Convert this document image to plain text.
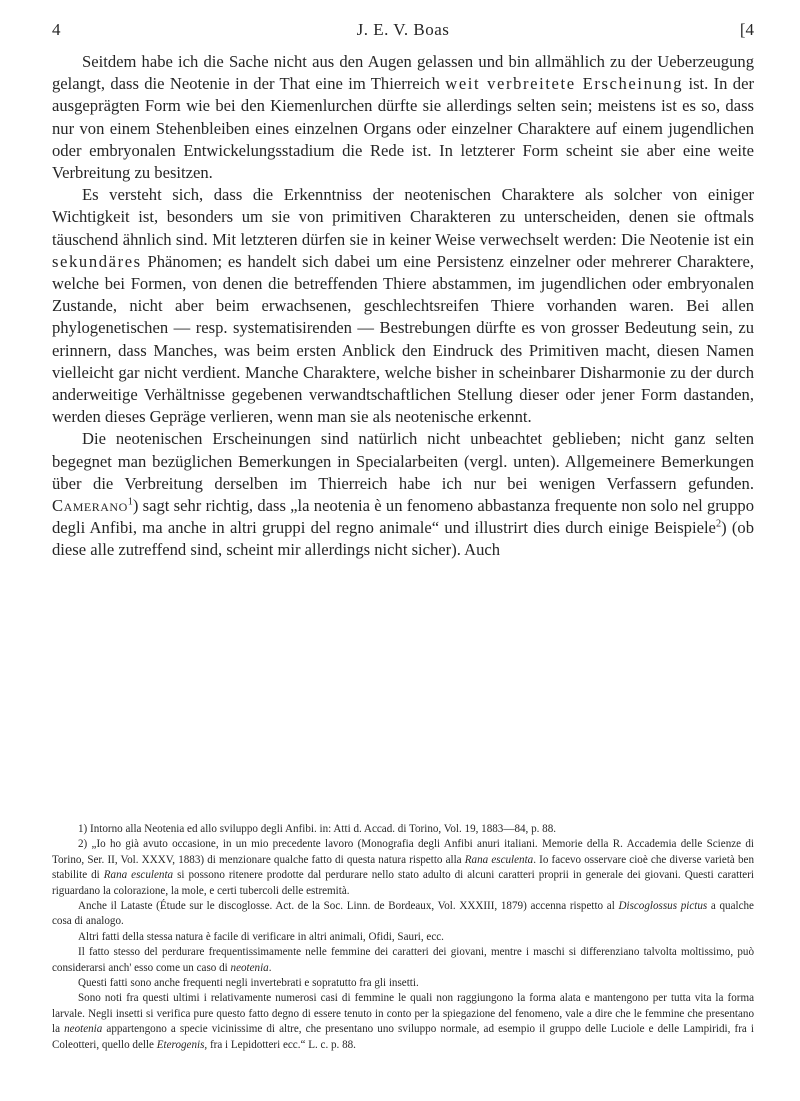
4	J. E. V. Boas	[4

Seitdem habe ich die Sache nicht aus den Augen gelassen und bin allmählich zu der Ueberzeugung gelangt, dass die Neotenie in der That eine im Thierreich weit verbreitete Erscheinung ist. In der ausgeprägten Form wie bei den Kiemenlurchen dürfte sie allerdings selten sein; meistens ist es so, dass nur von einem Stehenbleiben eines einzelnen Organs oder einzelner Charaktere auf einem jugendlichen oder embryonalen Entwickelungsstadium die Rede ist. In letzterer Form scheint sie aber eine weite Verbreitung zu besitzen.

Es versteht sich, dass die Erkenntniss der neotenischen Charaktere als solcher von einiger Wichtigkeit ist, besonders um sie von primitiven Charakteren zu unterscheiden, denen sie oftmals täuschend ähnlich sind. Mit letzteren dürfen sie in keiner Weise verwechselt werden: Die Neotenie ist ein sekundäres Phänomen; es handelt sich dabei um eine Persistenz einzelner oder mehrerer Charaktere, welche bei Formen, von denen die betreffenden Thiere abstammen, im jugendlichen oder embryonalen Zustande, nicht aber beim erwachsenen, geschlechtsreifen Thiere vorhanden waren. Bei allen phylogenetischen — resp. systematisirenden — Bestrebungen dürfte es von grosser Bedeutung sein, zu erinnern, dass Manches, was beim ersten Anblick den Eindruck des Primitiven macht, diesen Namen vielleicht gar nicht verdient. Manche Charaktere, welche bisher in scheinbarer Disharmonie zu der durch anderweitige Verhältnisse gegebenen verwandtschaftlichen Stellung dieser oder jener Form dastanden, werden dieses Gepräge verlieren, wenn man sie als neotenische erkennt.

Die neotenischen Erscheinungen sind natürlich nicht unbeachtet geblieben; nicht ganz selten begegnet man bezüglichen Bemerkungen in Specialarbeiten (vergl. unten). Allgemeinere Bemerkungen über die Verbreitung derselben im Thierreich habe ich nur bei wenigen Verfassern gefunden. Camerano$^1$) sagt sehr richtig, dass „la neotenia è un fenomeno abbastanza frequente non solo nel gruppo degli Anfibi, ma anche in altri gruppi del regno animale“ und illustrirt dies durch einige Beispiele$^2$) (ob diese alle zutreffend sind, scheint mir allerdings nicht sicher). Auch

1) Intorno alla Neotenia ed allo sviluppo degli Anfibi. in: Atti d. Accad. di Torino, Vol. 19, 1883—84, p. 88.

2) „Io ho già avuto occasione, in un mio precedente lavoro (Monografia degli Anfibi anuri italiani. Memorie della R. Accademia delle Scienze di Torino, Ser. II, Vol. XXXV, 1883) di menzionare qualche fatto di questa natura rispetto alla Rana esculenta. Io facevo osservare cioè che diverse varietà ben stabilite di Rana esculenta si possono ritenere prodotte dal perdurare nello stato adulto di alcuni caratteri proprii in generale dei giovani. Questi caratteri riguardano la colorazione, la mole, e certi tubercoli delle estremità.

Anche il Lataste (Étude sur le discoglosse. Act. de la Soc. Linn. de Bordeaux, Vol. XXXIII, 1879) accenna rispetto al Discoglossus pictus a qualche cosa di analogo.

Altri fatti della stessa natura è facile di verificare in altri animali, Ofidi, Sauri, ecc.

Il fatto stesso del perdurare frequentissimamente nelle femmine dei caratteri dei giovani, mentre i maschi si differenziano talvolta moltissimo, può considerarsi anch' esso come un caso di neotenia.

Questi fatti sono anche frequenti negli invertebrati e sopratutto fra gli insetti.

Sono noti fra questi ultimi i relativamente numerosi casi di femmine le quali non raggiungono la forma alata e mantengono per tutta vita la forma larvale. Negli insetti si verifica pure questo fatto degno di essere tenuto in conto per la spiegazione del fenomeno, vale a dire che le femmine che presentano la neotenia appartengono a specie vicinissime di altre, che presentano uno sviluppo normale, ad esempio il gruppo delle Luciole e delle Lampiridi, fra i Coleotteri, quello delle Eterogenis, fra i Lepidotteri ecc.“ L. c. p. 88.
